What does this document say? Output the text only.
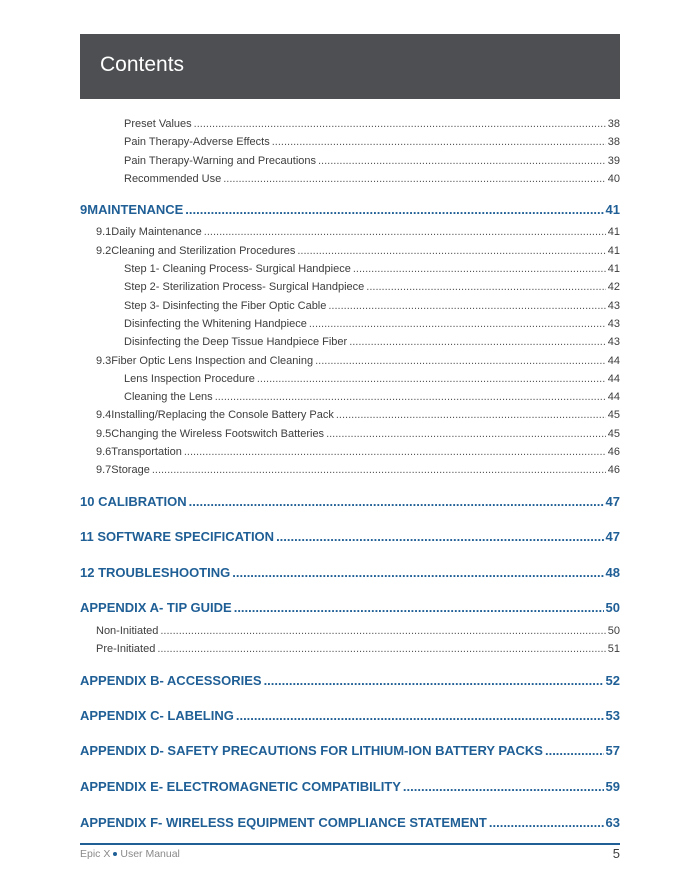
Contents
Preset Values .....	38
Pain Therapy-Adverse Effects .....	38
Pain Therapy-Warning and Precautions .....	39
Recommended Use .....	40
9 MAINTENANCE .....	41
9.1 Daily Maintenance .....	41
9.2 Cleaning and Sterilization Procedures .....	41
Step 1- Cleaning Process- Surgical Handpiece .....	41
Step 2- Sterilization Process- Surgical Handpiece .....	42
Step 3- Disinfecting the Fiber Optic Cable .....	43
Disinfecting the Whitening Handpiece .....	43
Disinfecting the Deep Tissue Handpiece Fiber .....	43
9.3 Fiber Optic Lens Inspection and Cleaning .....	44
Lens Inspection Procedure .....	44
Cleaning the Lens .....	44
9.4 Installing/Replacing the Console Battery Pack .....	45
9.5 Changing the Wireless Footswitch Batteries .....	45
9.6 Transportation .....	46
9.7 Storage .....	46
10 CALIBRATION .....	47
11 SOFTWARE SPECIFICATION .....	47
12 TROUBLESHOOTING .....	48
APPENDIX A- TIP GUIDE .....	50
Non-Initiated .....	50
Pre-Initiated .....	51
APPENDIX B- ACCESSORIES .....	52
APPENDIX C- LABELING .....	53
APPENDIX D- SAFETY PRECAUTIONS FOR LITHIUM-ION BATTERY PACKS .....	57
APPENDIX E- ELECTROMAGNETIC COMPATIBILITY .....	59
APPENDIX F- WIRELESS EQUIPMENT COMPLIANCE STATEMENT .....	63
Epic X User Manual	5
